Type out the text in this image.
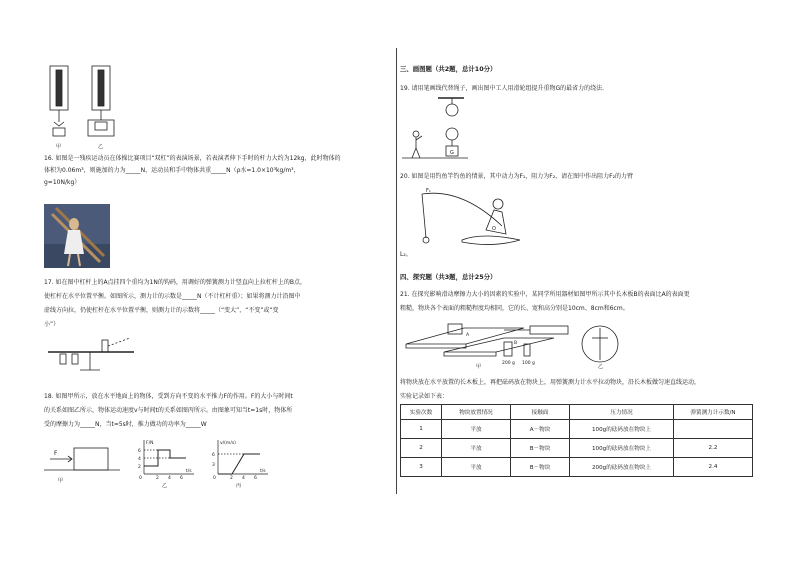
甲	乙
16. 如图是一残疾运动员在体操比赛项目“双杠”的表演场景，若表演者伸下手时的杆力大约为12kg，此时物体的
体积为0.06m³，则施加的力为_____N，运动员和手中物体共重_____N（ρ水=1.0×10³kg/m³，
g=10N/kg）
17. 如在图中杠杆上的A点挂四个重均为1N的钩码，用调好的弹簧测力计竖直向上拉杠杆上的B点，
使杠杆在水平位置平衡。如图所示，测力计的示数是_____N（不计杠杆重）；如果将测力计沿图中
虚线方向拉，仍使杠杆在水平位置平衡，则测力计的示数将_____（“变大”、“不变”或“变
小”）
18. 如图甲所示，放在水平地面上的物体，受到方向不变的水平推力F的作用。F的大小与时间t
的关系如图乙所示，物体运动速度v与时间t的关系如图丙所示。由图象可知当t=1s时，物体所
受的摩擦力为_____N，当t=5s时，推力做功的功率为_____W
F
甲
F/N
t/s
6
4
2
0	2 4 6
乙
v/(m/s)
t/s
6
3
0	2 4 6
丙
三、画图题（共2题，总计10分）
19. 请用笔画线代替绳子，画出图中工人用滑轮组提升重物G的最省力的绕法.
G
20. 如图是用钓鱼竿钓鱼的情景，其中动力为F₁，阻力为F₂，请在图中作出阻力F₂的力臂
F₁
O
L₂。
四、探究题（共3题，总计25分）
21. 在探究影响滑动摩擦力大小的因素的实验中，某同学所用器材如图甲所示其中长木板B的表面比A的表面更
粗糙，物块各个表面的粗糙程度均相同，它的长、宽和高分别是10cm、8cm和6cm。
A
B
200 g 100 g
甲	乙
将物块放在水平放置的长木板上，再把砝码放在物块上，用弹簧测力计水平拉动物块，沿长木板做匀速直线运动，
实验记录如下表：
实验次数	物块放置情况	接触面	压力情况	弹簧测力计示数/N
1	平放	A－物块	100g的砝码放在物块上	
2	平放	B－物块	100g的砝码放在物块上	2.2
3	平放	B－物块	200g的砝码放在物块上	2.4
